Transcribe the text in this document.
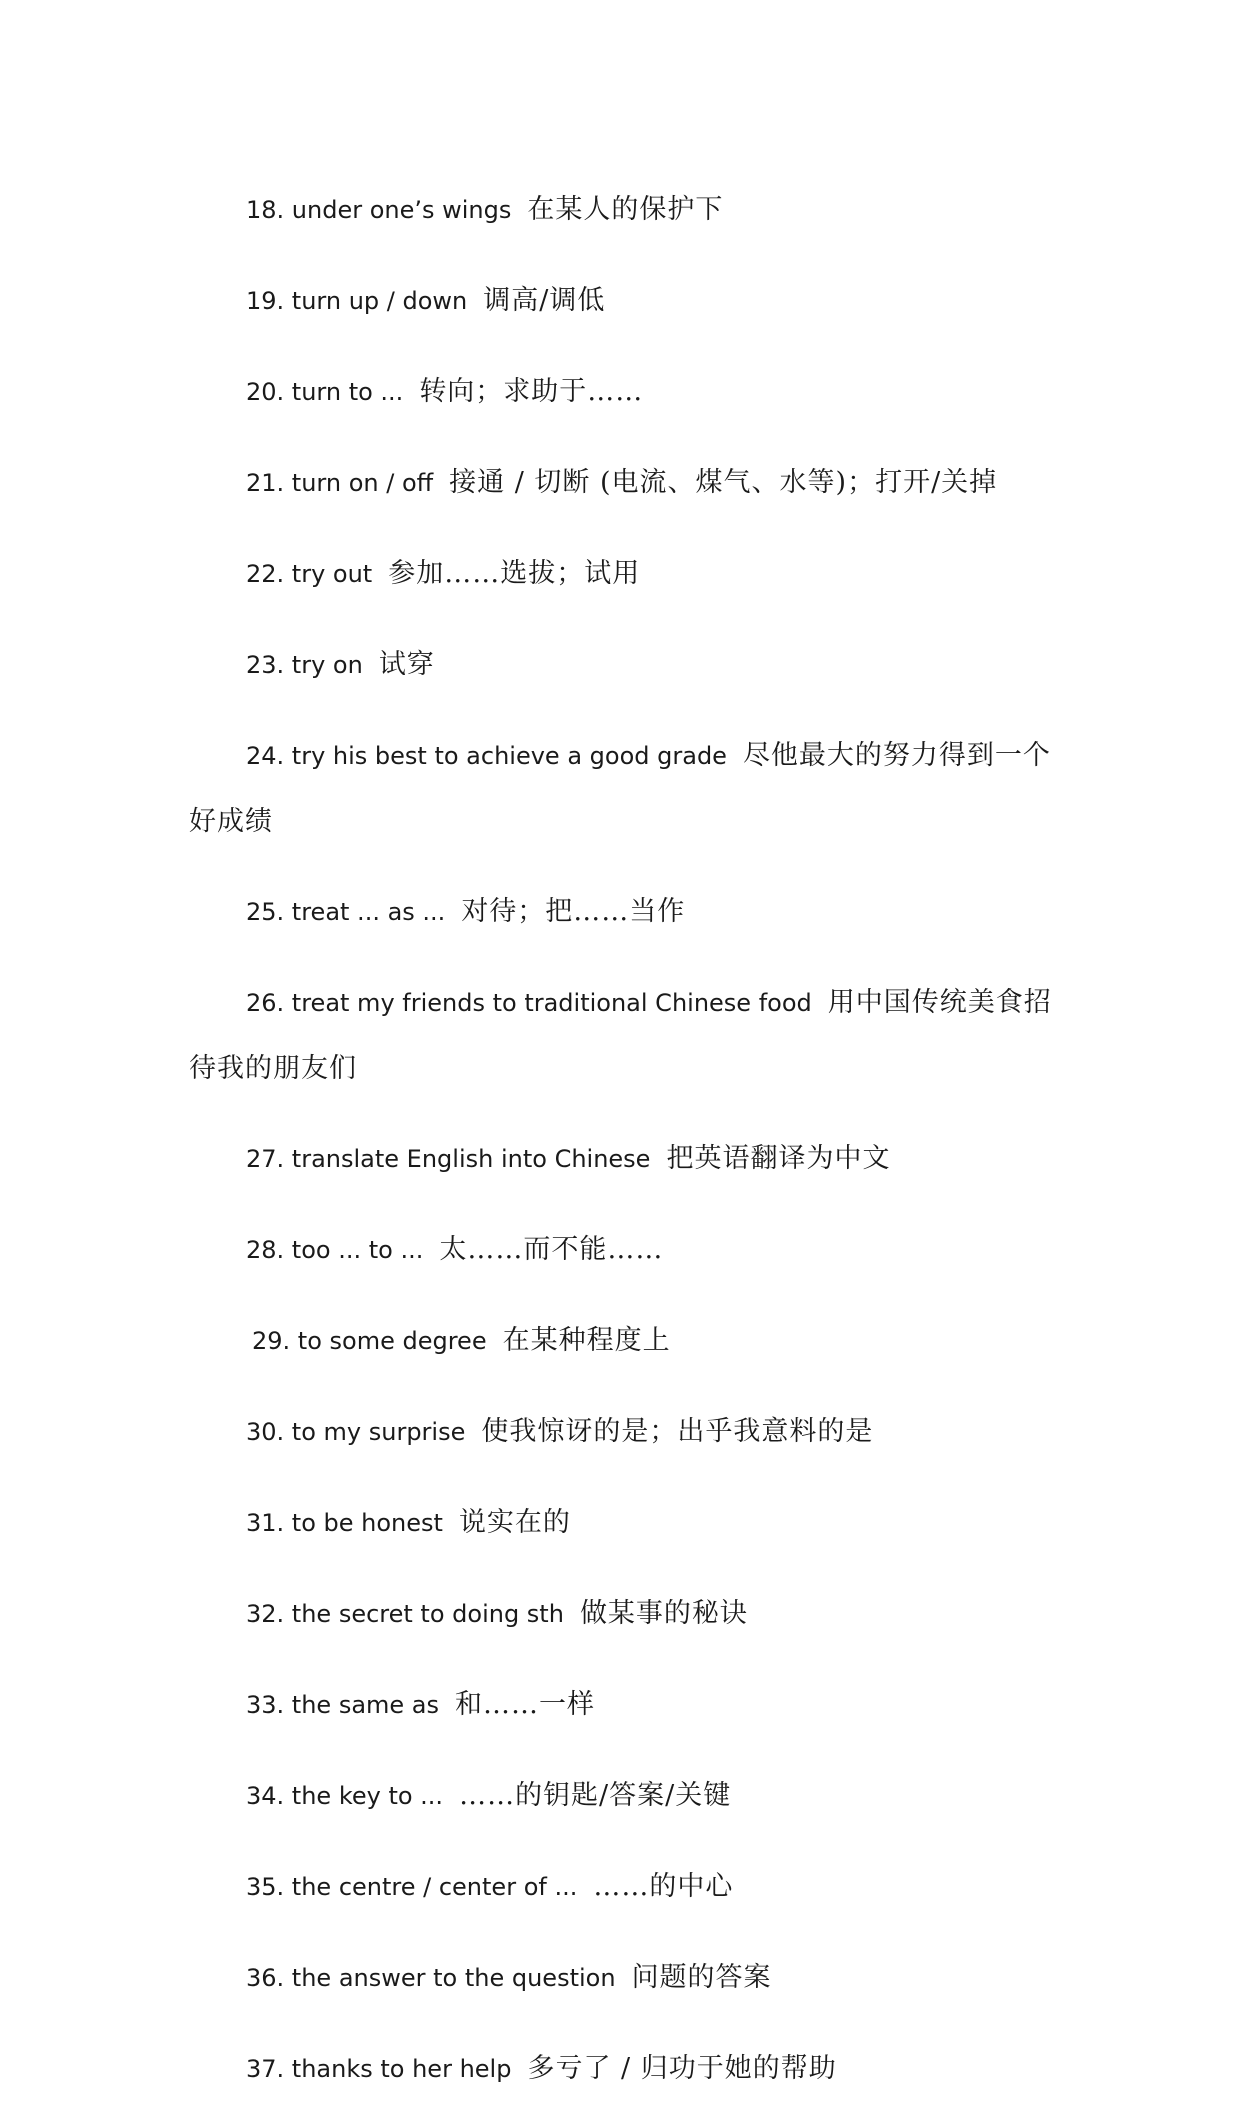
18. under one’s wings 在某人的保护下

19. turn up / down 调高/调低

20. turn to ... 转向；求助于……

21. turn on / off 接通 / 切断 (电流、煤气、水等)；打开/关掉

22. try out 参加……选拔；试用

23. try on 试穿

24. try his best to achieve a good grade 尽他最大的努力得到一个好成绩

25. treat ... as ... 对待；把……当作

26. treat my friends to traditional Chinese food 用中国传统美食招待我的朋友们

27. translate English into Chinese 把英语翻译为中文

28. too ... to ... 太……而不能……

29. to some degree 在某种程度上

30. to my surprise 使我惊讶的是；出乎我意料的是

31. to be honest 说实在的

32. the secret to doing sth 做某事的秘诀

33. the same as 和……一样

34. the key to ... ……的钥匙/答案/关键

35. the centre / center of ... ……的中心

36. the answer to the question 问题的答案

37. thanks to her help 多亏了 / 归功于她的帮助
